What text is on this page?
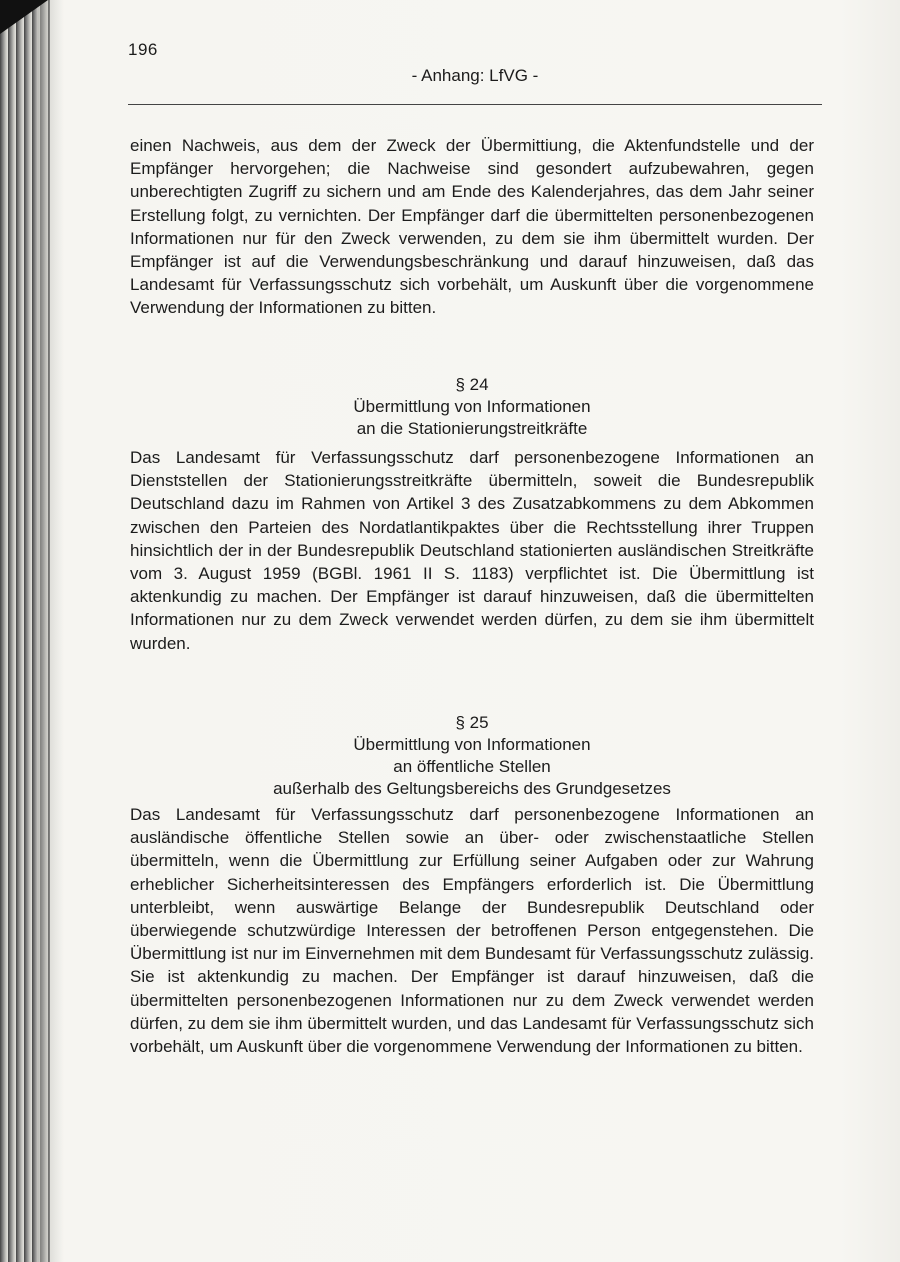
196
- Anhang: LfVG -

einen Nachweis, aus dem der Zweck der Übermittiung, die Aktenfundstelle und der Empfänger hervorgehen; die Nachweise sind gesondert aufzubewahren, gegen unberechtigten Zugriff zu sichern und am Ende des Kalenderjahres, das dem Jahr seiner Erstellung folgt, zu vernichten. Der Empfänger darf die übermittelten personenbezogenen Informationen nur für den Zweck verwenden, zu dem sie ihm übermittelt wurden. Der Empfänger ist auf die Verwendungsbeschränkung und darauf hinzuweisen, daß das Landesamt für Verfassungsschutz sich vorbehält, um Auskunft über die vorgenommene Verwendung der Informationen zu bitten.

§ 24
Übermittlung von Informationen
an die Stationierungstreitkräfte

Das Landesamt für Verfassungsschutz darf personenbezogene Informationen an Dienststellen der Stationierungsstreitkräfte übermitteln, soweit die Bundesrepublik Deutschland dazu im Rahmen von Artikel 3 des Zusatzabkommens zu dem Abkommen zwischen den Parteien des Nordatlantikpaktes über die Rechtsstellung ihrer Truppen hinsichtlich der in der Bundesrepublik Deutschland stationierten ausländischen Streitkräfte vom 3. August 1959 (BGBl. 1961 II S. 1183) verpflichtet ist. Die Übermittlung ist aktenkundig zu machen. Der Empfänger ist darauf hinzuweisen, daß die übermittelten Informationen nur zu dem Zweck verwendet werden dürfen, zu dem sie ihm übermittelt wurden.

§ 25
Übermittlung von Informationen
an öffentliche Stellen
außerhalb des Geltungsbereichs des Grundgesetzes

Das Landesamt für Verfassungsschutz darf personenbezogene Informationen an ausländische öffentliche Stellen sowie an über- oder zwischenstaatliche Stellen übermitteln, wenn die Übermittlung zur Erfüllung seiner Aufgaben oder zur Wahrung erheblicher Sicherheitsinteressen des Empfängers erforderlich ist. Die Übermittlung unterbleibt, wenn auswärtige Belange der Bundesrepublik Deutschland oder überwiegende schutzwürdige Interessen der betroffenen Person entgegenstehen. Die Übermittlung ist nur im Einvernehmen mit dem Bundesamt für Verfassungsschutz zulässig. Sie ist aktenkundig zu machen. Der Empfänger ist darauf hinzuweisen, daß die übermittelten personenbezogenen Informationen nur zu dem Zweck verwendet werden dürfen, zu dem sie ihm übermittelt wurden, und das Landesamt für Verfassungsschutz sich vorbehält, um Auskunft über die vorgenommene Verwendung der Informationen zu bitten.
